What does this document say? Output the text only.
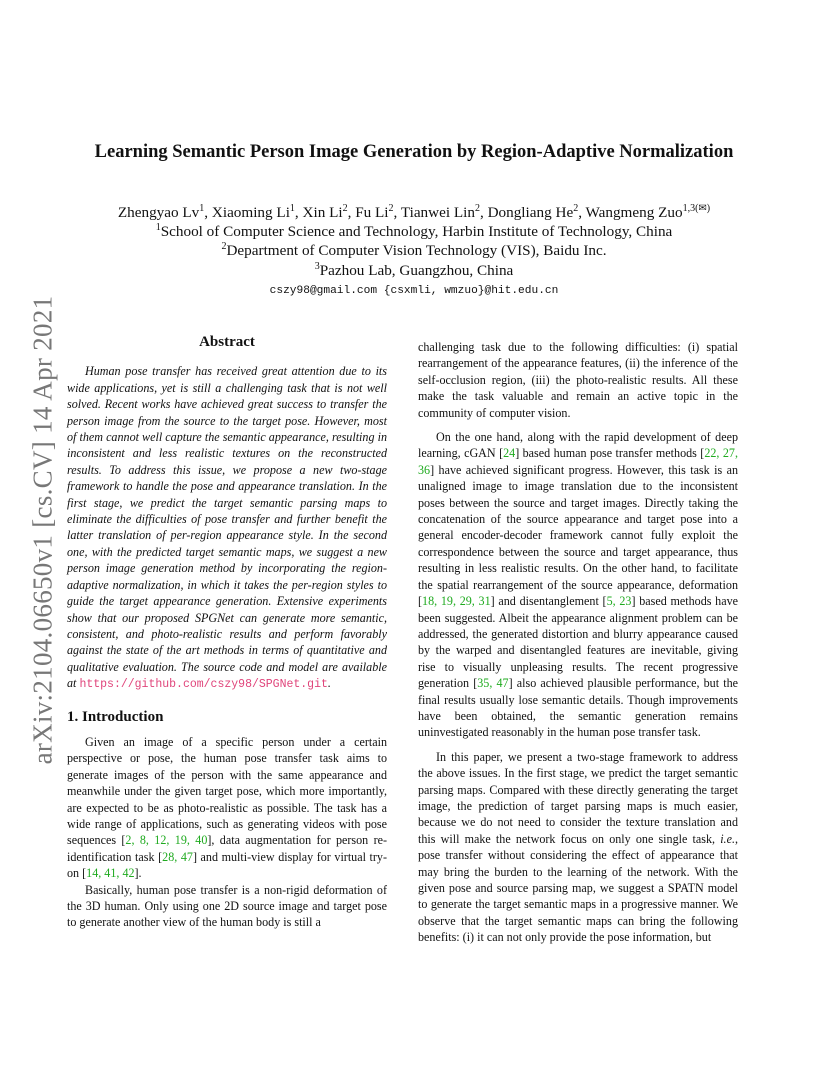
arXiv:2104.06650v1 [cs.CV] 14 Apr 2021
Learning Semantic Person Image Generation by Region-Adaptive Normalization
Zhengyao Lv$^1$, Xiaoming Li$^1$, Xin Li$^2$, Fu Li$^2$, Tianwei Lin$^2$, Dongliang He$^2$, Wangmeng Zuo$^{1,3(✉)}$
$^1$School of Computer Science and Technology, Harbin Institute of Technology, China
$^2$Department of Computer Vision Technology (VIS), Baidu Inc.
$^3$Pazhou Lab, Guangzhou, China
cszy98@gmail.com {csxmli, wmzuo}@hit.edu.cn
Abstract

Human pose transfer has received great attention due to its wide applications, yet is still a challenging task that is not well solved. Recent works have achieved great success to transfer the person image from the source to the target pose. However, most of them cannot well capture the semantic appearance, resulting in inconsistent and less realistic textures on the reconstructed results. To address this issue, we propose a new two-stage framework to handle the pose and appearance translation. In the first stage, we predict the target semantic parsing maps to eliminate the difficulties of pose transfer and further benefit the latter translation of per-region appearance style. In the second one, with the predicted target semantic maps, we suggest a new person image generation method by incorporating the region-adaptive normalization, in which it takes the per-region styles to guide the target appearance generation. Extensive experiments show that our proposed SPGNet can generate more semantic, consistent, and photo-realistic results and perform favorably against the state of the art methods in terms of quantitative and qualitative evaluation. The source code and model are available at https://github.com/cszy98/SPGNet.git.

1. Introduction

Given an image of a specific person under a certain perspective or pose, the human pose transfer task aims to generate images of the person with the same appearance and meanwhile under the given target pose, which more importantly, are expected to be as photo-realistic as possible. The task has a wide range of applications, such as generating videos with pose sequences [2, 8, 12, 19, 40], data augmentation for person re-identification task [28, 47] and multi-view display for virtual try-on [14, 41, 42].

Basically, human pose transfer is a non-rigid deformation of the 3D human. Only using one 2D source image and target pose to generate another view of the human body is still a

challenging task due to the following difficulties: (i) spatial rearrangement of the appearance features, (ii) the inference of the self-occlusion region, (iii) the photo-realistic results. All these make the task valuable and remain an active topic in the community of computer vision.

On the one hand, along with the rapid development of deep learning, cGAN [24] based human pose transfer methods [22, 27, 36] have achieved significant progress. However, this task is an unaligned image to image translation due to the inconsistent poses between the source and target images. Directly taking the concatenation of the source appearance and target pose into a general encoder-decoder framework cannot fully exploit the correspondence between the source and target appearance, thus resulting in less realistic results. On the other hand, to facilitate the spatial rearrangement of the source appearance, deformation [18, 19, 29, 31] and disentanglement [5, 23] based methods have been suggested. Albeit the appearance alignment problem can be addressed, the generated distortion and blurry appearance caused by the warped and disentangled features are inevitable, giving rise to visually unpleasing results. The recent progressive generation [35, 47] also achieved plausible performance, but the final results usually lose semantic details. Though improvements have been obtained, the semantic generation remains uninvestigated reasonably in the human pose transfer task.

In this paper, we present a two-stage framework to address the above issues. In the first stage, we predict the target semantic parsing maps. Compared with these directly generating the target image, the prediction of target parsing maps is much easier, because we do not need to consider the texture translation and this will make the network focus on only one single task, i.e., pose transfer without considering the effect of appearance that may bring the burden to the learning of the network. With the given pose and source parsing map, we suggest a SPATN model to generate the target semantic maps in a progressive manner. We observe that the target semantic maps can bring the following benefits: (i) it can not only provide the pose information, but
